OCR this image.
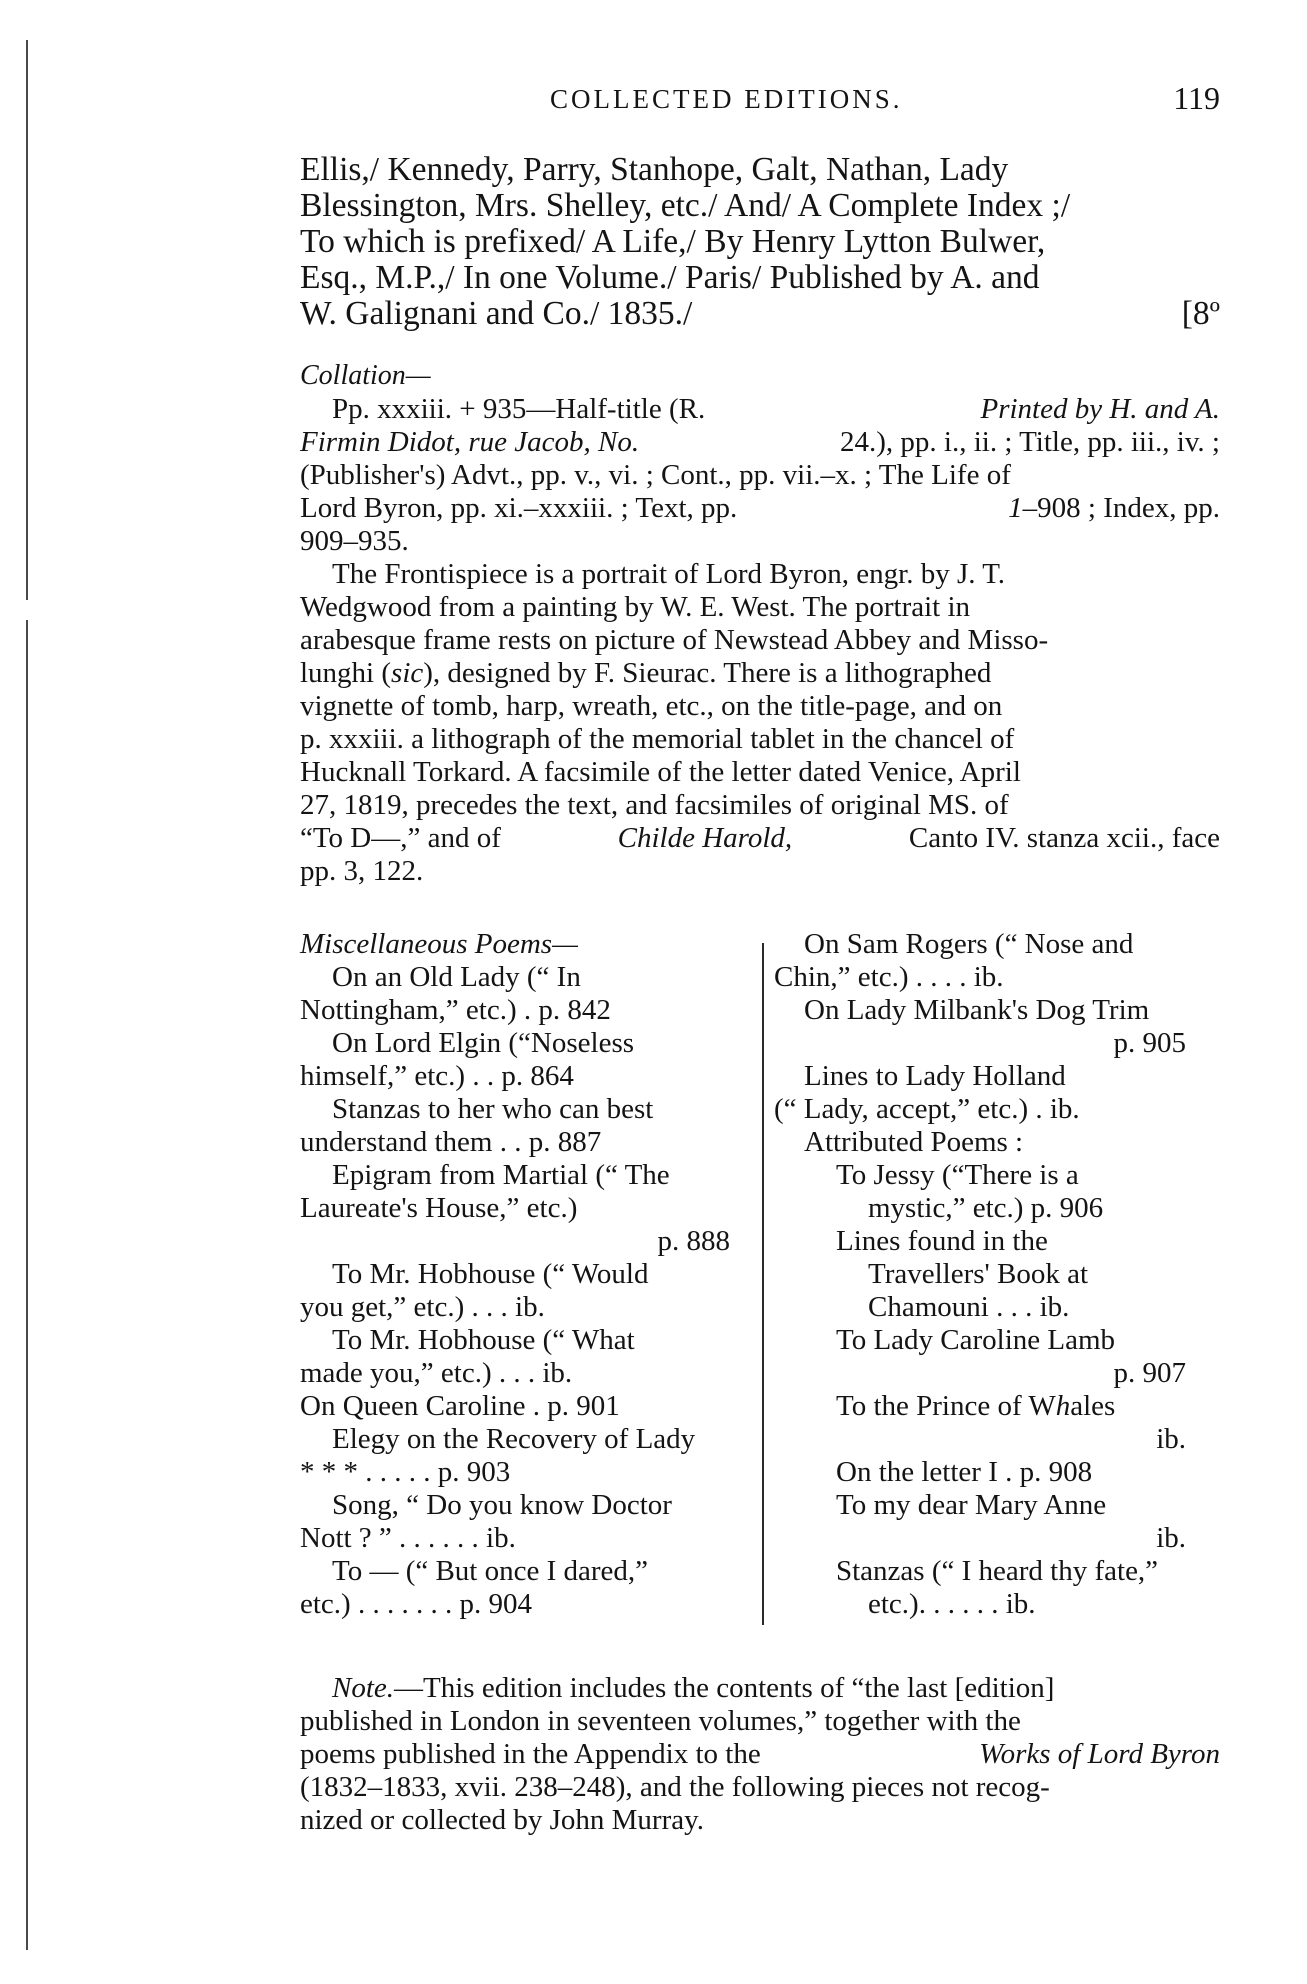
COLLECTED EDITIONS.	119
Ellis,/ Kennedy, Parry, Stanhope, Galt, Nathan, Lady
Blessington, Mrs. Shelley, etc./ And/ A Complete Index ;/
To which is prefixed/ A Life,/ By Henry Lytton Bulwer,
Esq., M.P.,/ In one Volume./ Paris/ Published by A. and
W. Galignani and Co./ 1835./	[8º
Collation—
Pp. xxxiii. + 935—Half-title (R.	Printed by H. and A.
Firmin Didot, rue Jacob, No.	24.), pp. i., ii. ; Title, pp. iii., iv. ;
(Publisher's) Advt., pp. v., vi. ; Cont., pp. vii.–x. ; The Life of
Lord Byron, pp. xi.–xxxiii. ; Text, pp.	1–908 ; Index, pp.
909–935.
The Frontispiece is a portrait of Lord Byron, engr. by J. T.
Wedgwood from a painting by W. E. West. The portrait in
arabesque frame rests on picture of Newstead Abbey and Misso-
lunghi ( sic ), designed by F. Sieurac. There is a lithographed
vignette of tomb, harp, wreath, etc., on the title-page, and on
p. xxxiii. a lithograph of the memorial tablet in the chancel of
Hucknall Torkard. A facsimile of the letter dated Venice, April
27, 1819, precedes the text, and facsimiles of original MS. of
“To D—,” and of	Childe Harold,	Canto IV. stanza xcii., face
pp. 3, 122.
Miscellaneous Poems—
On an Old Lady (“ In
Nottingham,” etc.) . p. 842
On Lord Elgin (“Noseless
himself,” etc.) . . p. 864
Stanzas to her who can best
understand them . . p. 887
Epigram from Martial (“ The
Laureate's House,” etc.)
p. 888
To Mr. Hobhouse (“ Would
you get,” etc.) . . . ib.
To Mr. Hobhouse (“ What
made you,” etc.) . . . ib.
On Queen Caroline . p. 901
Elegy on the Recovery of Lady
* * * . . . . . p. 903
Song, “ Do you know Doctor
Nott ? ” . . . . . . ib.
To — (“ But once I dared,”
etc.) . . . . . . . p. 904
On Sam Rogers (“ Nose and
Chin,” etc.) . . . . ib.
On Lady Milbank's Dog Trim
p. 905
Lines to Lady Holland
(“ Lady, accept,” etc.) . ib.
Attributed Poems :
To Jessy (“There is a
mystic,” etc.) p. 906
Lines found in the
Travellers' Book at
Chamouni . . . ib.
To Lady Caroline Lamb
p. 907
To the Prince of W h ales
ib.
On the letter I . p. 908
To my dear Mary Anne
ib.
Stanzas (“ I heard thy fate,”
etc.). . . . . . ib.
Note. —This edition includes the contents of “the last [edition]
published in London in seventeen volumes,” together with the
poems published in the Appendix to the	Works of Lord Byron
(1832–1833, xvii. 238–248), and the following pieces not recog-
nized or collected by John Murray.
